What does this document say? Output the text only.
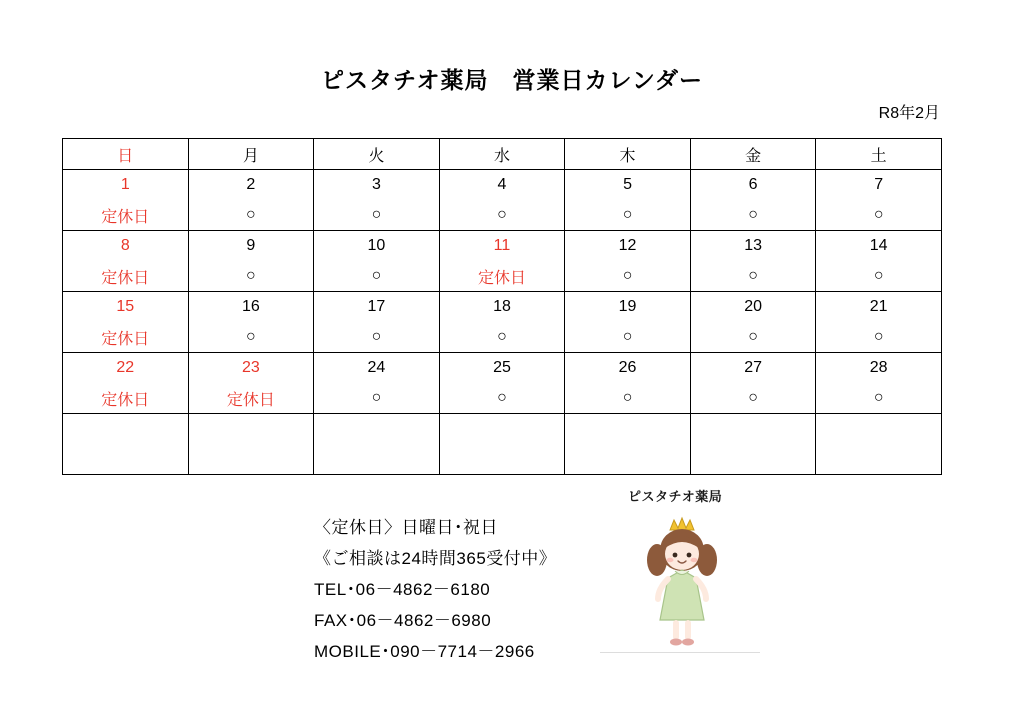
ピスタチオ薬局　営業日カレンダー
R8年2月
日	月	火	水	木	金	土
1	2	3	4	5	6	7
定休日	○	○	○	○	○	○
8	9	10	11	12	13	14
定休日	○	○	定休日	○	○	○
15	16	17	18	19	20	21
定休日	○	○	○	○	○	○
22	23	24	25	26	27	28
定休日	定休日	○	○	○	○	○

〈定休日〉日曜日･祝日
《ご相談は24時間365受付中》
TEL･06－4862－6180
FAX･06－4862－6980
MOBILE･090－7714－2966
ピスタチオ薬局
